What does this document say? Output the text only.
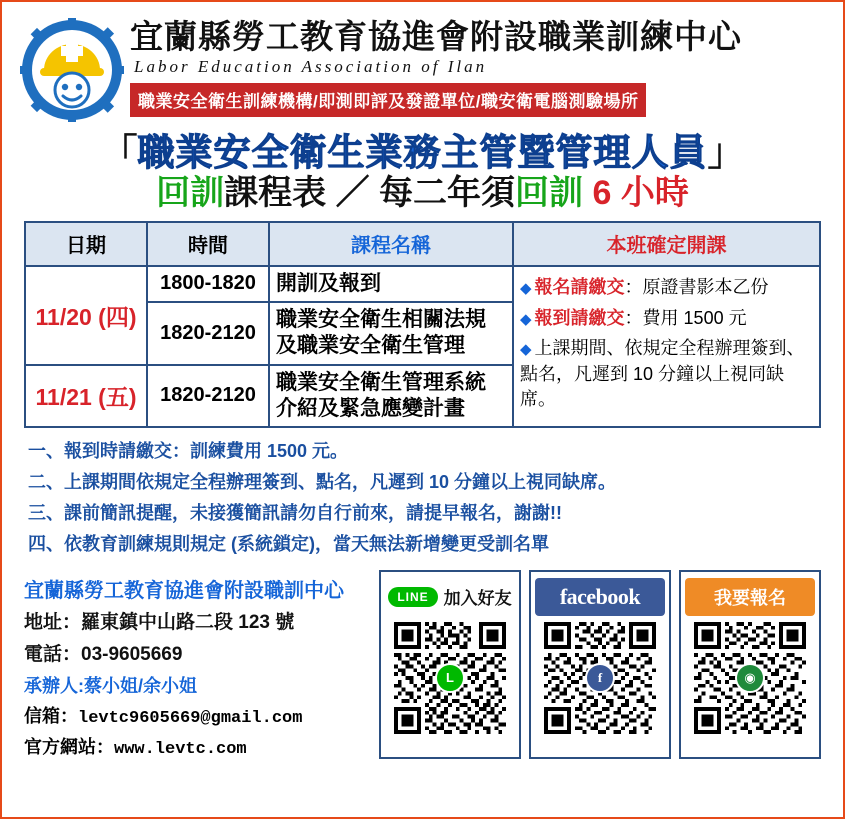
宜蘭縣勞工教育協進會附設職業訓練中心
Labor Education Association of Ilan
職業安全衛生訓練機構/即測即評及發證單位/職安衛電腦測驗場所
「職業安全衛生業務主管暨管理人員」
回訓課程表 ／ 每二年須回訓 6 小時
日期	時間	課程名稱	本班確定開課
11/20 (四)	1800-1820	開訓及報到	◆ 報名請繳交：原證書影本乙份
◆ 報到請繳交：費用 1500 元
◆ 上課期間、依規定全程辦理簽到、點名，凡遲到 10 分鐘以上視同缺席。

	1820-2120	職業安全衛生相關法規及職業安全衛生管理	
11/21 (五)	1820-2120	職業安全衛生管理系統介紹及緊急應變計畫	
一、報到時請繳交：訓練費用 1500 元。
二、上課期間依規定全程辦理簽到、點名，凡遲到 10 分鐘以上視同缺席。
三、課前簡訊提醒，未接獲簡訊請勿自行前來，請提早報名，謝謝!!
四、依教育訓練規則規定 (系統鎖定)，當天無法新增變更受訓名單
宜蘭縣勞工教育協進會附設職訓中心
地址：羅東鎮中山路二段 123 號
電話：03-9605669
承辦人:蔡小姐/余小姐
信箱：levtc9605669@gmail.com
官方網站：www.levtc.com
LINE 加入好友
L
facebook
f
我要報名
◉
